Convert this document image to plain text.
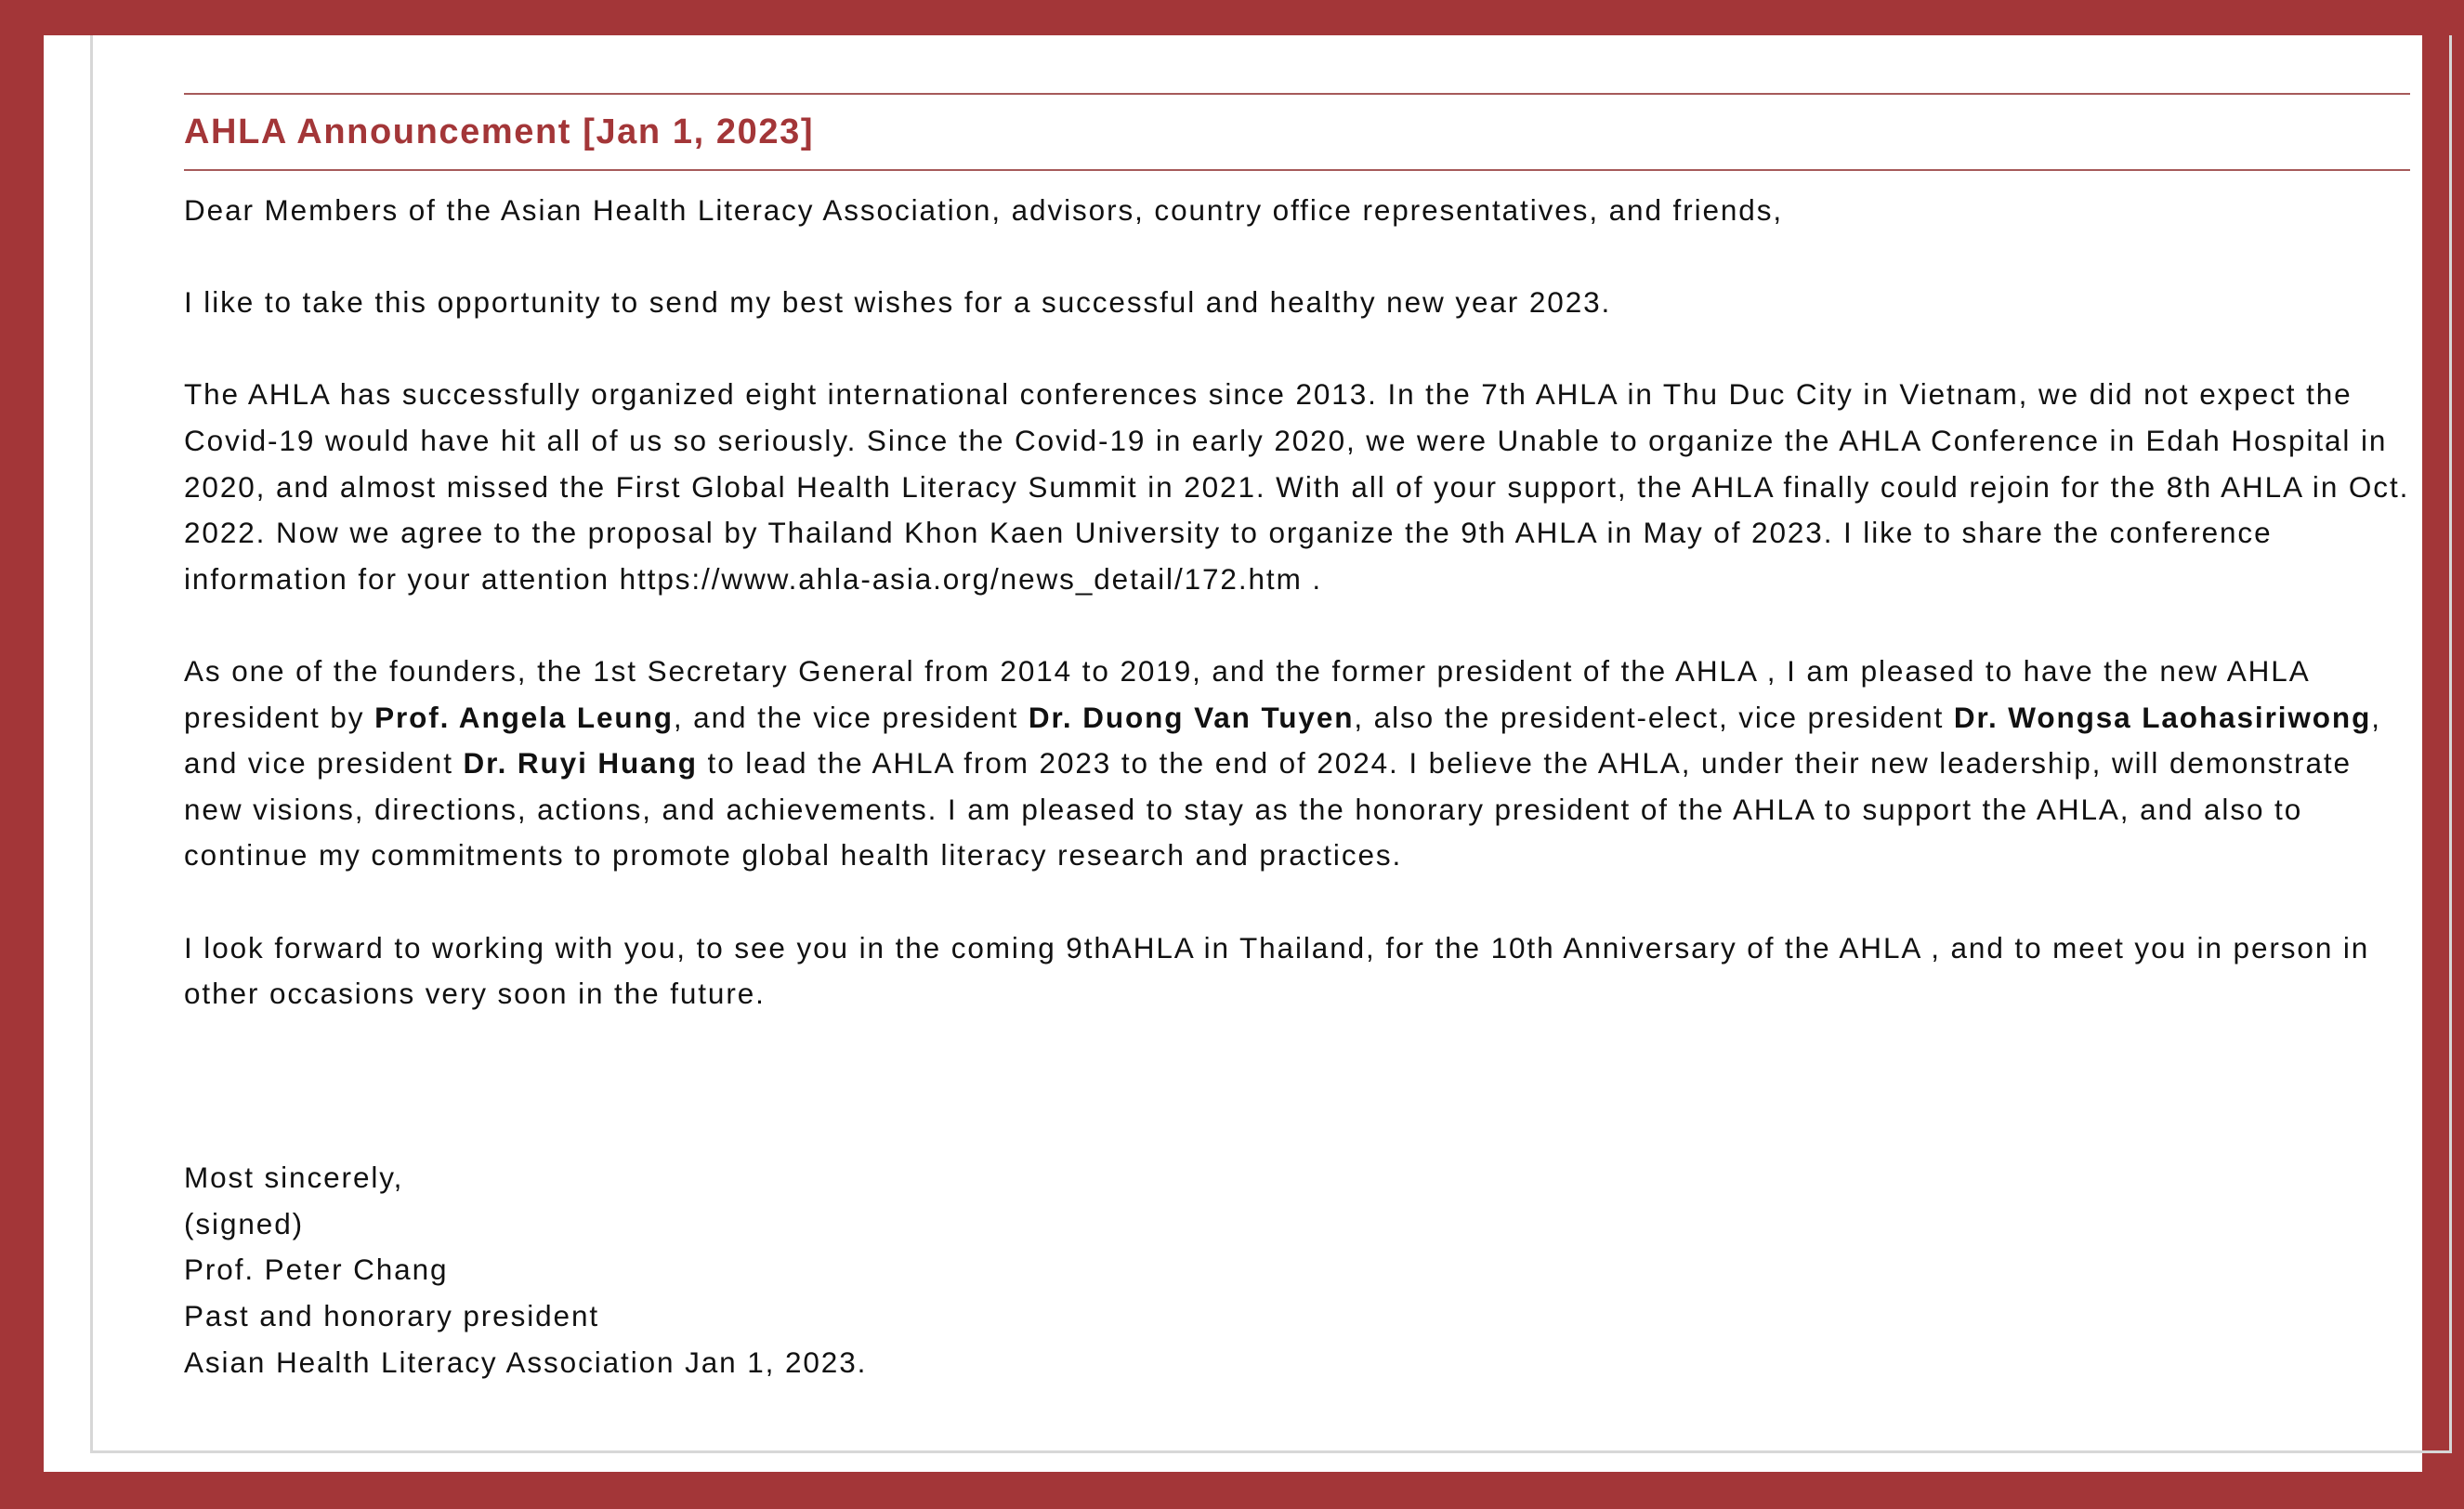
AHLA Announcement [Jan 1, 2023]

Dear Members of the Asian Health Literacy Association, advisors, country office representatives, and friends,

I like to take this opportunity to send my best wishes for a successful and healthy new year 2023.

The AHLA has successfully organized eight international conferences since 2013. In the 7th AHLA in Thu Duc City in Vietnam, we did not expect the Covid-19 would have hit all of us so seriously. Since the Covid-19 in early 2020, we were Unable to organize the AHLA Conference in Edah Hospital in 2020, and almost missed the First Global Health Literacy Summit in 2021. With all of your support, the AHLA finally could rejoin for the 8th AHLA in Oct. 2022. Now we agree to the proposal by Thailand Khon Kaen University to organize the 9th AHLA in May of 2023. I like to share the conference information for your attention https://www.ahla-asia.org/news_detail/172.htm .

As one of the founders, the 1st Secretary General from 2014 to 2019, and the former president of the AHLA , I am pleased to have the new AHLA president by Prof. Angela Leung, and the vice president Dr. Duong Van Tuyen, also the president-elect, vice president Dr. Wongsa Laohasiriwong, and vice president Dr. Ruyi Huang to lead the AHLA from 2023 to the end of 2024. I believe the AHLA, under their new leadership, will demonstrate new visions, directions, actions, and achievements. I am pleased to stay as the honorary president of the AHLA to support the AHLA, and also to continue my commitments to promote global health literacy research and practices.

I look forward to working with you, to see you in the coming 9thAHLA in Thailand, for the 10th Anniversary of the AHLA , and to meet you in person in other occasions very soon in the future.

Most sincerely,
(signed)
Prof. Peter Chang
Past and honorary president
Asian Health Literacy Association Jan 1, 2023.
